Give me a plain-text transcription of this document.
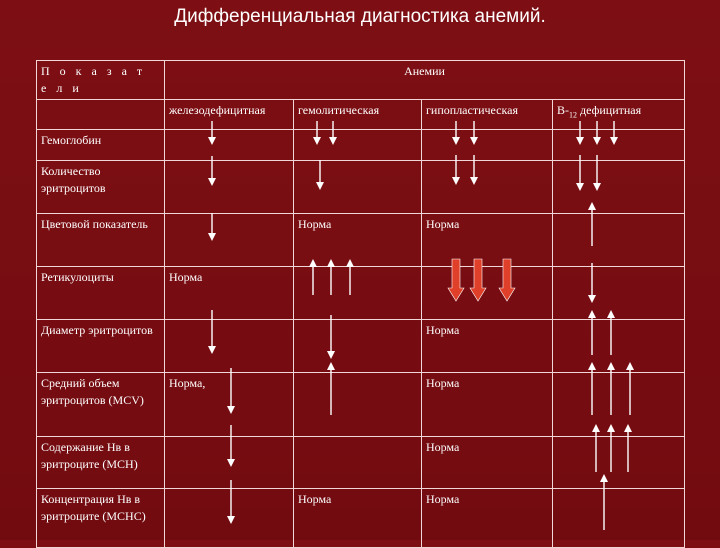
Дифференциальная диагностика анемий.
П о к а з а т е л и	Анемии			
	железодефицитная	гемолитическая	гипопластическая	$В-_{12}$ дефицитная
Гемоглобин				
Количество эритроцитов				
Цветовой показатель		Норма	Норма	
Ретикулоциты	Норма			
Диаметр эритроцитов			Норма	
Средний объем эритроцитов (MCV)	Норма,		Норма	
Содержание Нв в эритроците (MCH)			Норма	
Концентрация Нв в эритроците (MCHC)		Норма	Норма	
